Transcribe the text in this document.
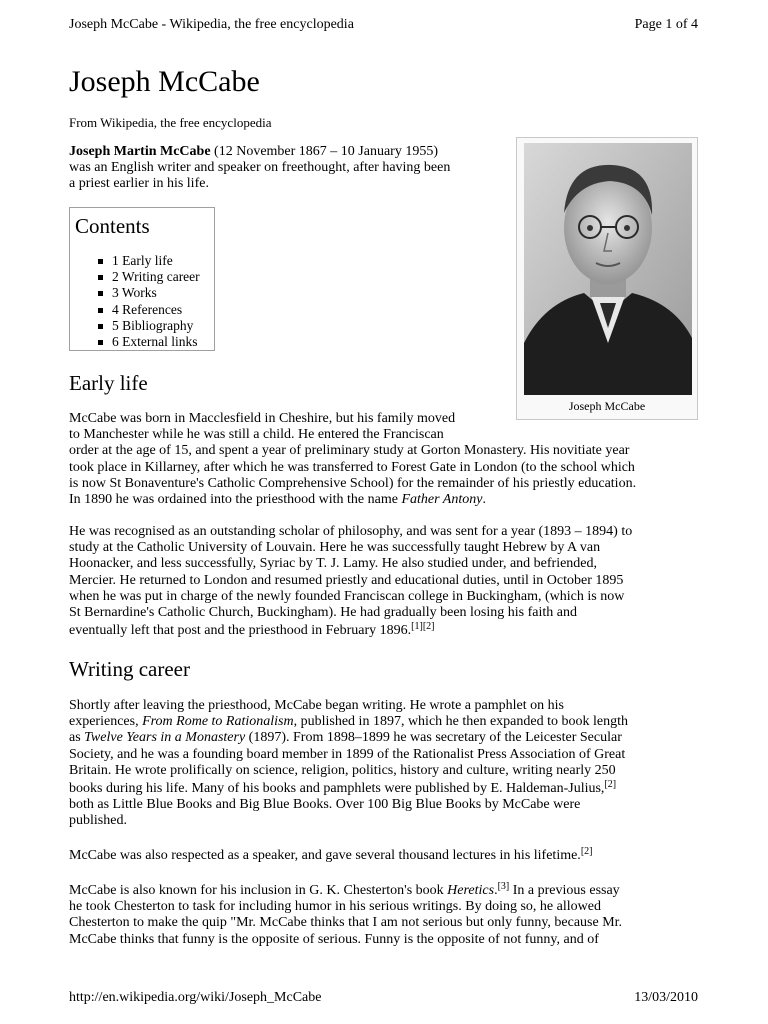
Joseph McCabe - Wikipedia, the free encyclopedia	Page 1 of 4
Joseph McCabe
From Wikipedia, the free encyclopedia

Joseph Martin McCabe (12 November 1867 – 10 January 1955)

was an English writer and speaker on freethought, after having been

a priest earlier in his life.

Contents
1 Early life
2 Writing career
3 Works
4 References
5 Bibliography
6 External links
Joseph McCabe
Early life

McCabe was born in Macclesfield in Cheshire, but his family moved

to Manchester while he was still a child. He entered the Franciscan

order at the age of 15, and spent a year of preliminary study at Gorton Monastery. His novitiate year

took place in Killarney, after which he was transferred to Forest Gate in London (to the school which

is now St Bonaventure's Catholic Comprehensive School) for the remainder of his priestly education.

In 1890 he was ordained into the priesthood with the name Father Antony.

He was recognised as an outstanding scholar of philosophy, and was sent for a year (1893 – 1894) to

study at the Catholic University of Louvain. Here he was successfully taught Hebrew by A van

Hoonacker, and less successfully, Syriac by T. J. Lamy. He also studied under, and befriended,

Mercier. He returned to London and resumed priestly and educational duties, until in October 1895

when he was put in charge of the newly founded Franciscan college in Buckingham, (which is now

St Bernardine's Catholic Church, Buckingham). He had gradually been losing his faith and

eventually left that post and the priesthood in February 1896.[1][2]

Writing career

Shortly after leaving the priesthood, McCabe began writing. He wrote a pamphlet on his

experiences, From Rome to Rationalism, published in 1897, which he then expanded to book length

as Twelve Years in a Monastery (1897). From 1898–1899 he was secretary of the Leicester Secular

Society, and he was a founding board member in 1899 of the Rationalist Press Association of Great

Britain. He wrote prolifically on science, religion, politics, history and culture, writing nearly 250

books during his life. Many of his books and pamphlets were published by E. Haldeman-Julius,[2]

both as Little Blue Books and Big Blue Books. Over 100 Big Blue Books by McCabe were

published.

McCabe was also respected as a speaker, and gave several thousand lectures in his lifetime.[2]

McCabe is also known for his inclusion in G. K. Chesterton's book Heretics.[3] In a previous essay

he took Chesterton to task for including humor in his serious writings. By doing so, he allowed

Chesterton to make the quip "Mr. McCabe thinks that I am not serious but only funny, because Mr.

McCabe thinks that funny is the opposite of serious. Funny is the opposite of not funny, and of

http://en.wikipedia.org/wiki/Joseph_McCabe	13/03/2010
